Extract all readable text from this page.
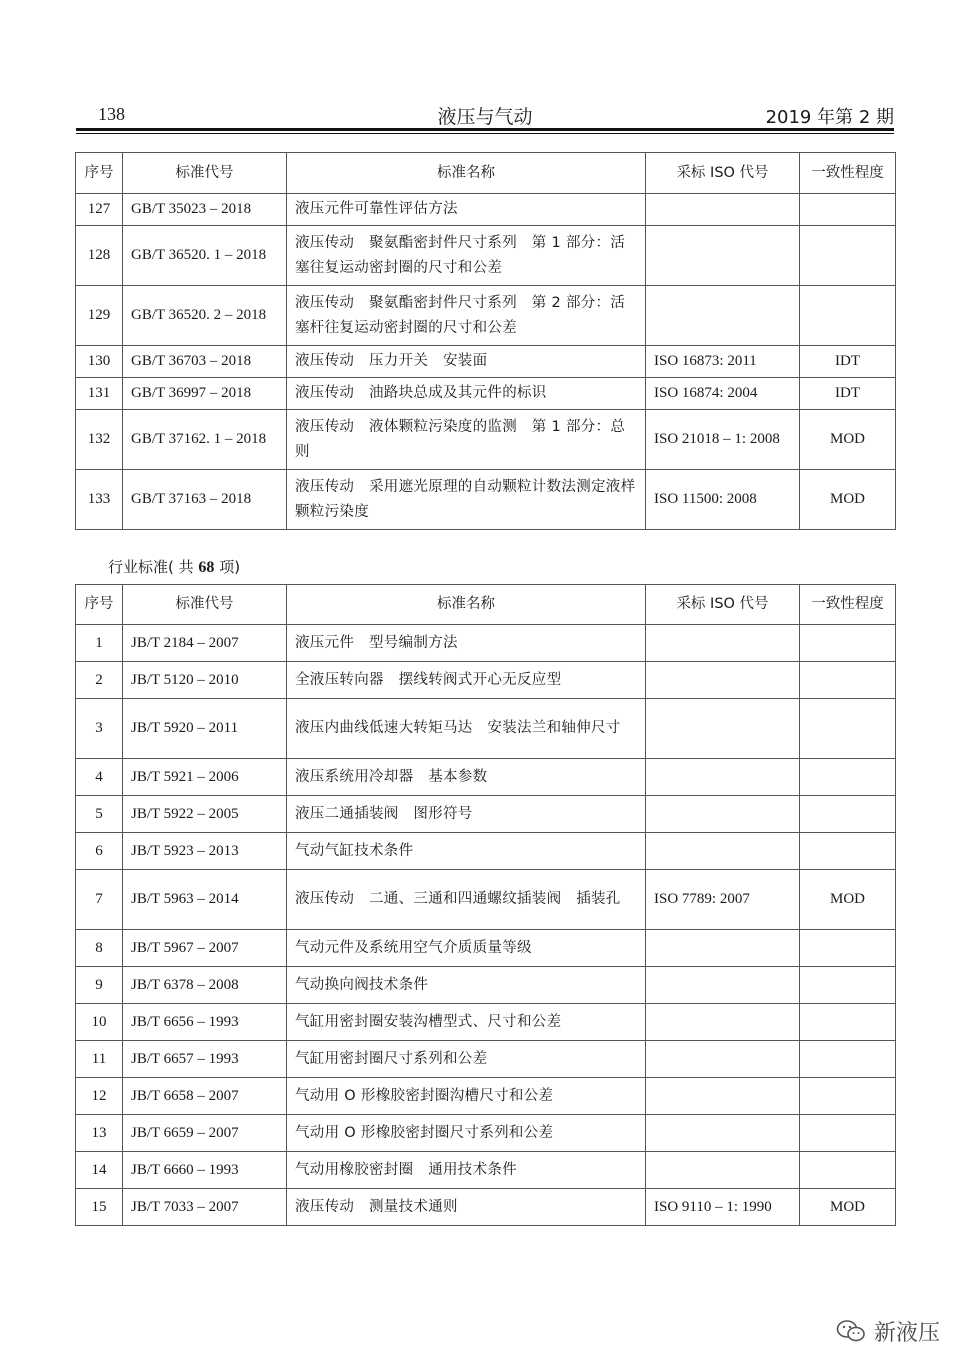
138	液压与气动	2019 年第 2 期
序号	标准代号	标准名称	采标 ISO 代号	一致性程度
127	GB/T 35023 – 2018	液压元件可靠性评估方法		
128	GB/T 36520. 1 – 2018	液压传动　聚氨酯密封件尺寸系列　第 1 部分：活塞往复运动密封圈的尺寸和公差		
129	GB/T 36520. 2 – 2018	液压传动　聚氨酯密封件尺寸系列　第 2 部分：活塞杆往复运动密封圈的尺寸和公差		
130	GB/T 36703 – 2018	液压传动　压力开关　安装面	ISO 16873: 2011	IDT
131	GB/T 36997 – 2018	液压传动　油路块总成及其元件的标识	ISO 16874: 2004	IDT
132	GB/T 37162. 1 – 2018	液压传动　液体颗粒污染度的监测　第 1 部分：总则	ISO 21018 – 1: 2008	MOD
133	GB/T 37163 – 2018	液压传动　采用遮光原理的自动颗粒计数法测定液样颗粒污染度	ISO 11500: 2008	MOD
行业标准( 共 68 项)
序号	标准代号	标准名称	采标 ISO 代号	一致性程度
1	JB/T 2184 – 2007	液压元件　型号编制方法		
2	JB/T 5120 – 2010	全液压转向器　摆线转阀式开心无反应型		
3	JB/T 5920 – 2011	液压内曲线低速大转矩马达　安装法兰和轴伸尺寸		
4	JB/T 5921 – 2006	液压系统用冷却器　基本参数		
5	JB/T 5922 – 2005	液压二通插装阀　图形符号		
6	JB/T 5923 – 2013	气动气缸技术条件		
7	JB/T 5963 – 2014	液压传动　二通、三通和四通螺纹插装阀　插装孔	ISO 7789: 2007	MOD
8	JB/T 5967 – 2007	气动元件及系统用空气介质质量等级		
9	JB/T 6378 – 2008	气动换向阀技术条件		
10	JB/T 6656 – 1993	气缸用密封圈安装沟槽型式、尺寸和公差		
11	JB/T 6657 – 1993	气缸用密封圈尺寸系列和公差		
12	JB/T 6658 – 2007	气动用 O 形橡胶密封圈沟槽尺寸和公差		
13	JB/T 6659 – 2007	气动用 O 形橡胶密封圈尺寸系列和公差		
14	JB/T 6660 – 1993	气动用橡胶密封圈　通用技术条件		
15	JB/T 7033 – 2007	液压传动　测量技术通则	ISO 9110 – 1: 1990	MOD
新液压
